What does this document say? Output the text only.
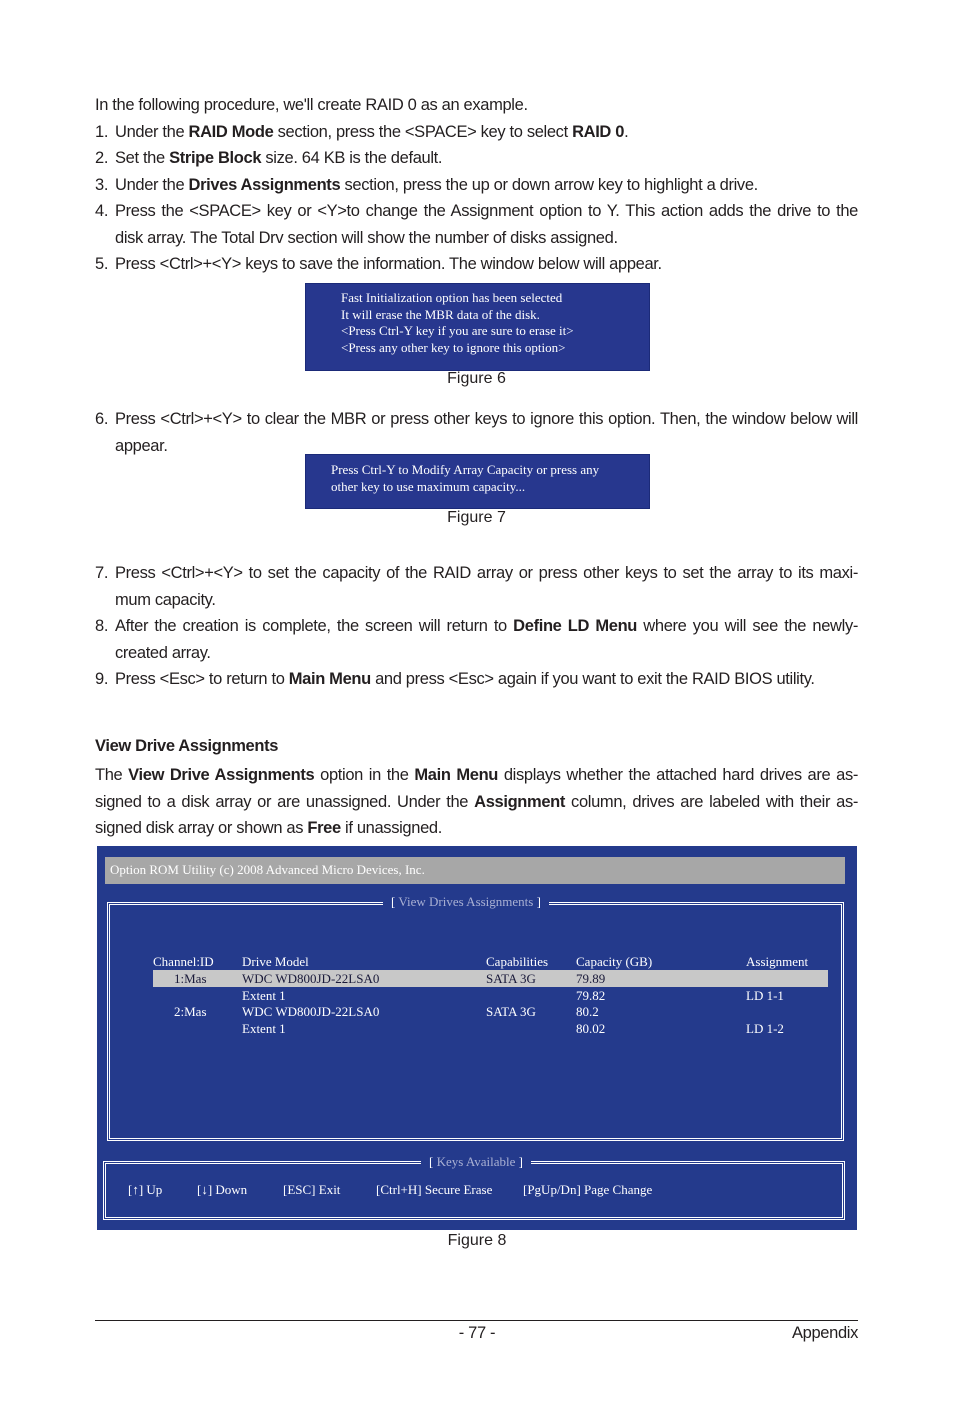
In the following procedure, we'll create RAID 0 as an example.
1. Under the RAID Mode section, press the <SPACE> key to select RAID 0.
2. Set the Stripe Block size. 64 KB is the default.
3. Under the Drives Assignments section, press the up or down arrow key to highlight a drive.
4. Press the <SPACE> key or <Y>to change the Assignment option to Y. This action adds the drive to the disk array. The Total Drv section will show the number of disks assigned.
5. Press <Ctrl>+<Y> keys to save the information. The window below will appear.
Fast Initialization option has been selected
It will erase the MBR data of the disk.
<Press Ctrl-Y key if you are sure to erase it>
<Press any other key to ignore this option>
Figure 6
6. Press <Ctrl>+<Y> to clear the MBR or press other keys to ignore this option. Then, the window below will appear.
Press Ctrl-Y to Modify Array Capacity or press any
other key to use maximum capacity...
Figure 7
7. Press <Ctrl>+<Y> to set the capacity of the RAID array or press other keys to set the array to its maxi-mum capacity.
8. After the creation is complete, the screen will return to Define LD Menu where you will see the newly-created array.
9. Press <Esc> to return to Main Menu and press <Esc> again if you want to exit the RAID BIOS utility.
View Drive Assignments
The View Drive Assignments option in the Main Menu displays whether the attached hard drives are as-signed to a disk array or are unassigned. Under the Assignment column, drives are labeled with their as-signed disk array or shown as Free if unassigned.
Option ROM Utility (c) 2008 Advanced Micro Devices, Inc.
[ View Drives Assignments ]
Channel:ID Drive Model	Capabilities Capacity (GB)	Assignment
1:Mas	WDC WD800JD-22LSA0	SATA 3G	79.89
Extent 1	79.82	LD 1-1
2:Mas	WDC WD800JD-22LSA0	SATA 3G	80.2
Extent 1	80.02	LD 1-2
[ Keys Available ]
[↑] Up	[↓] Down	[ESC] Exit	[Ctrl+H] Secure Erase [PgUp/Dn] Page Change
Figure 8
- 77 -	Appendix
